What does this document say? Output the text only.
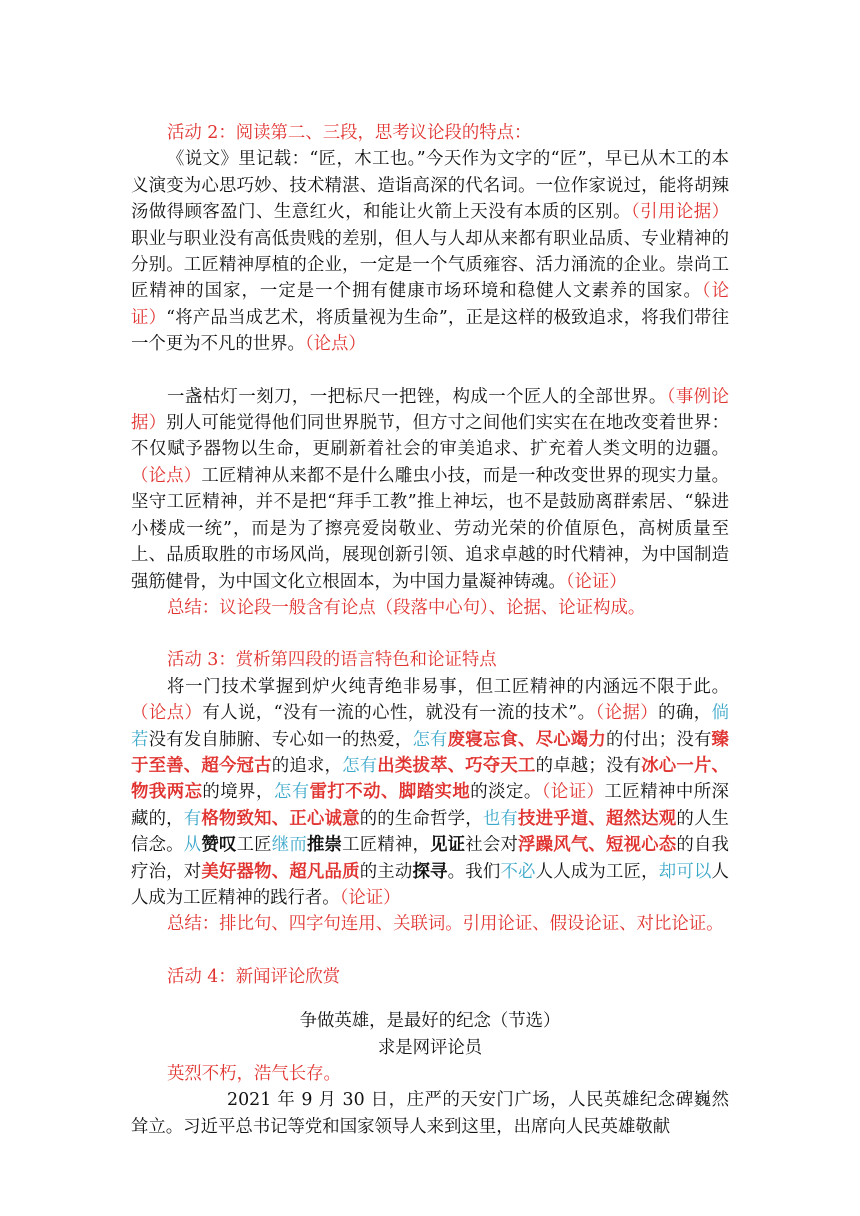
活动 2：阅读第二、三段，思考议论段的特点：

《说文》里记载：“匠，木工也。”今天作为文字的“匠”，早已从木工的本义演变为心思巧妙、技术精湛、造诣高深的代名词。一位作家说过，能将胡辣汤做得顾客盈门、生意红火，和能让火箭上天没有本质的区别。（引用论据）职业与职业没有高低贵贱的差别，但人与人却从来都有职业品质、专业精神的分别。工匠精神厚植的企业，一定是一个气质雍容、活力涌流的企业。崇尚工匠精神的国家，一定是一个拥有健康市场环境和稳健人文素养的国家。（论证）“将产品当成艺术，将质量视为生命”，正是这样的极致追求，将我们带往一个更为不凡的世界。（论点）

一盏枯灯一刻刀，一把标尺一把锉，构成一个匠人的全部世界。（事例论据）别人可能觉得他们同世界脱节，但方寸之间他们实实在在地改变着世界：不仅赋予器物以生命，更刷新着社会的审美追求、扩充着人类文明的边疆。（论点）工匠精神从来都不是什么雕虫小技，而是一种改变世界的现实力量。坚守工匠精神，并不是把“拜手工教”推上神坛，也不是鼓励离群索居、“躲进小楼成一统”，而是为了擦亮爱岗敬业、劳动光荣的价值原色，高树质量至上、品质取胜的市场风尚，展现创新引领、追求卓越的时代精神，为中国制造强筋健骨，为中国文化立根固本，为中国力量凝神铸魂。（论证）

总结：议论段一般含有论点（段落中心句）、论据、论证构成。

活动 3：赏析第四段的语言特色和论证特点

将一门技术掌握到炉火纯青绝非易事，但工匠精神的内涵远不限于此。（论点）有人说，“没有一流的心性，就没有一流的技术”。（论据）的确，倘若没有发自肺腑、专心如一的热爱，怎有废寝忘食、尽心竭力的付出；没有臻于至善、超今冠古的追求，怎有出类拔萃、巧夺天工的卓越；没有冰心一片、物我两忘的境界，怎有雷打不动、脚踏实地的淡定。（论证）工匠精神中所深藏的，有格物致知、正心诚意的的生命哲学，也有技进乎道、超然达观的人生信念。从赞叹工匠继而推崇工匠精神，见证社会对浮躁风气、短视心态的自我疗治，对美好器物、超凡品质的主动探寻。我们不必人人成为工匠，却可以人人成为工匠精神的践行者。（论证）

总结：排比句、四字句连用、关联词。引用论证、假设论证、对比论证。

活动 4：新闻评论欣赏

争做英雄，是最好的纪念（节选）

求是网评论员

英烈不朽，浩气长存。

2021 年 9 月 30 日，庄严的天安门广场，人民英雄纪念碑巍然耸立。习近平总书记等党和国家领导人来到这里，出席向人民英雄敬献
